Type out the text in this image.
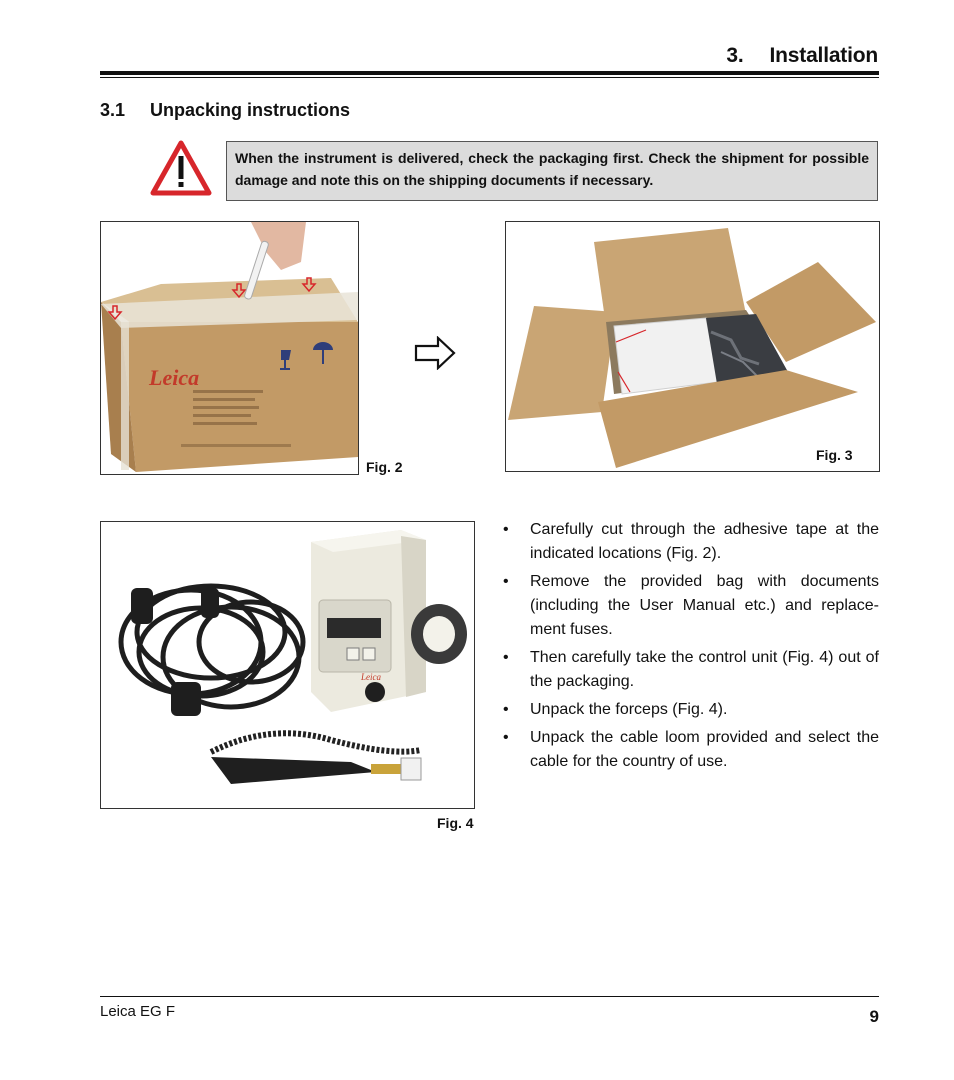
3. Installation
3.1 Unpacking instructions
When the instrument is delivered, check the packaging first. Check the shipment for possible damage and note this on the shipping documents if necessary.
Leica
Fig. 2
Fig. 3
Leica
Fig. 4
• Carefully cut through the adhesive tape at the indicated locations (Fig. 2).
• Remove the provided bag with documents (including the User Manual etc.) and replacement fuses.
• Then carefully take the control unit (Fig. 4) out of the packaging.
• Unpack the forceps (Fig. 4).
• Unpack the cable loom provided and select the cable for the country of use.
Leica EG F	9
